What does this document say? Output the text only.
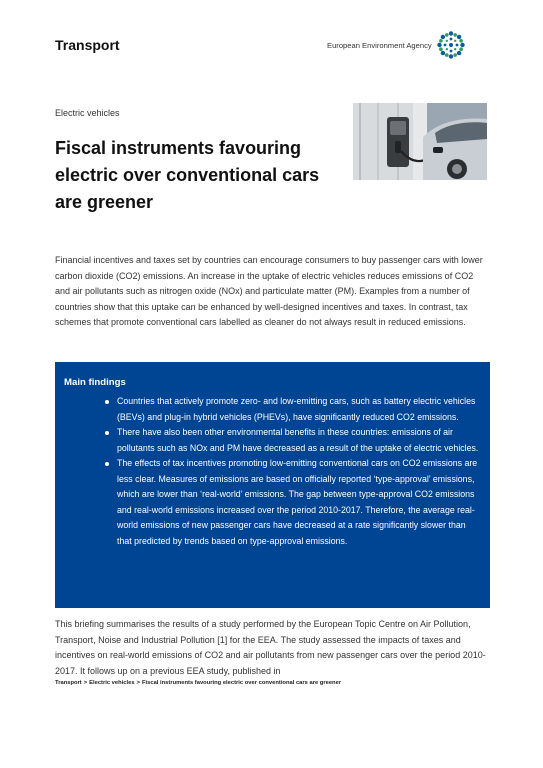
Transport	European Environment Agency
Electric vehicles
Fiscal instruments favouring electric over conventional cars are greener

Financial incentives and taxes set by countries can encourage consumers to buy passenger cars with lower carbon dioxide (CO2) emissions. An increase in the uptake of electric vehicles reduces emissions of CO2 and air pollutants such as nitrogen oxide (NOx) and particulate matter (PM). Examples from a number of countries show that this uptake can be enhanced by well-designed incentives and taxes. In contrast, tax schemes that promote conventional cars labelled as cleaner do not always result in reduced emissions.

Main findings
Countries that actively promote zero- and low-emitting cars, such as battery electric vehicles (BEVs) and plug-in hybrid vehicles (PHEVs), have significantly reduced CO2 emissions.
There have also been other environmental benefits in these countries: emissions of air pollutants such as NOx and PM have decreased as a result of the uptake of electric vehicles.
The effects of tax incentives promoting low-emitting conventional cars on CO2 emissions are less clear. Measures of emissions are based on officially reported ‘type-approval’ emissions, which are lower than ‘real-world’ emissions. The gap between type-approval CO2 emissions and real-world emissions increased over the period 2010-2017. Therefore, the average real-world emissions of new passenger cars have decreased at a rate significantly slower than that predicted by trends based on type-approval emissions.

This briefing summarises the results of a study performed by the European Topic Centre on Air Pollution, Transport, Noise and Industrial Pollution [1] for the EEA. The study assessed the impacts of taxes and incentives on real-world emissions of CO2 and air pollutants from new passenger cars over the period 2010-2017. It follows up on a previous EEA study, published in

Transport > Electric vehicles > Fiscal instruments favouring electric over conventional cars are greener
